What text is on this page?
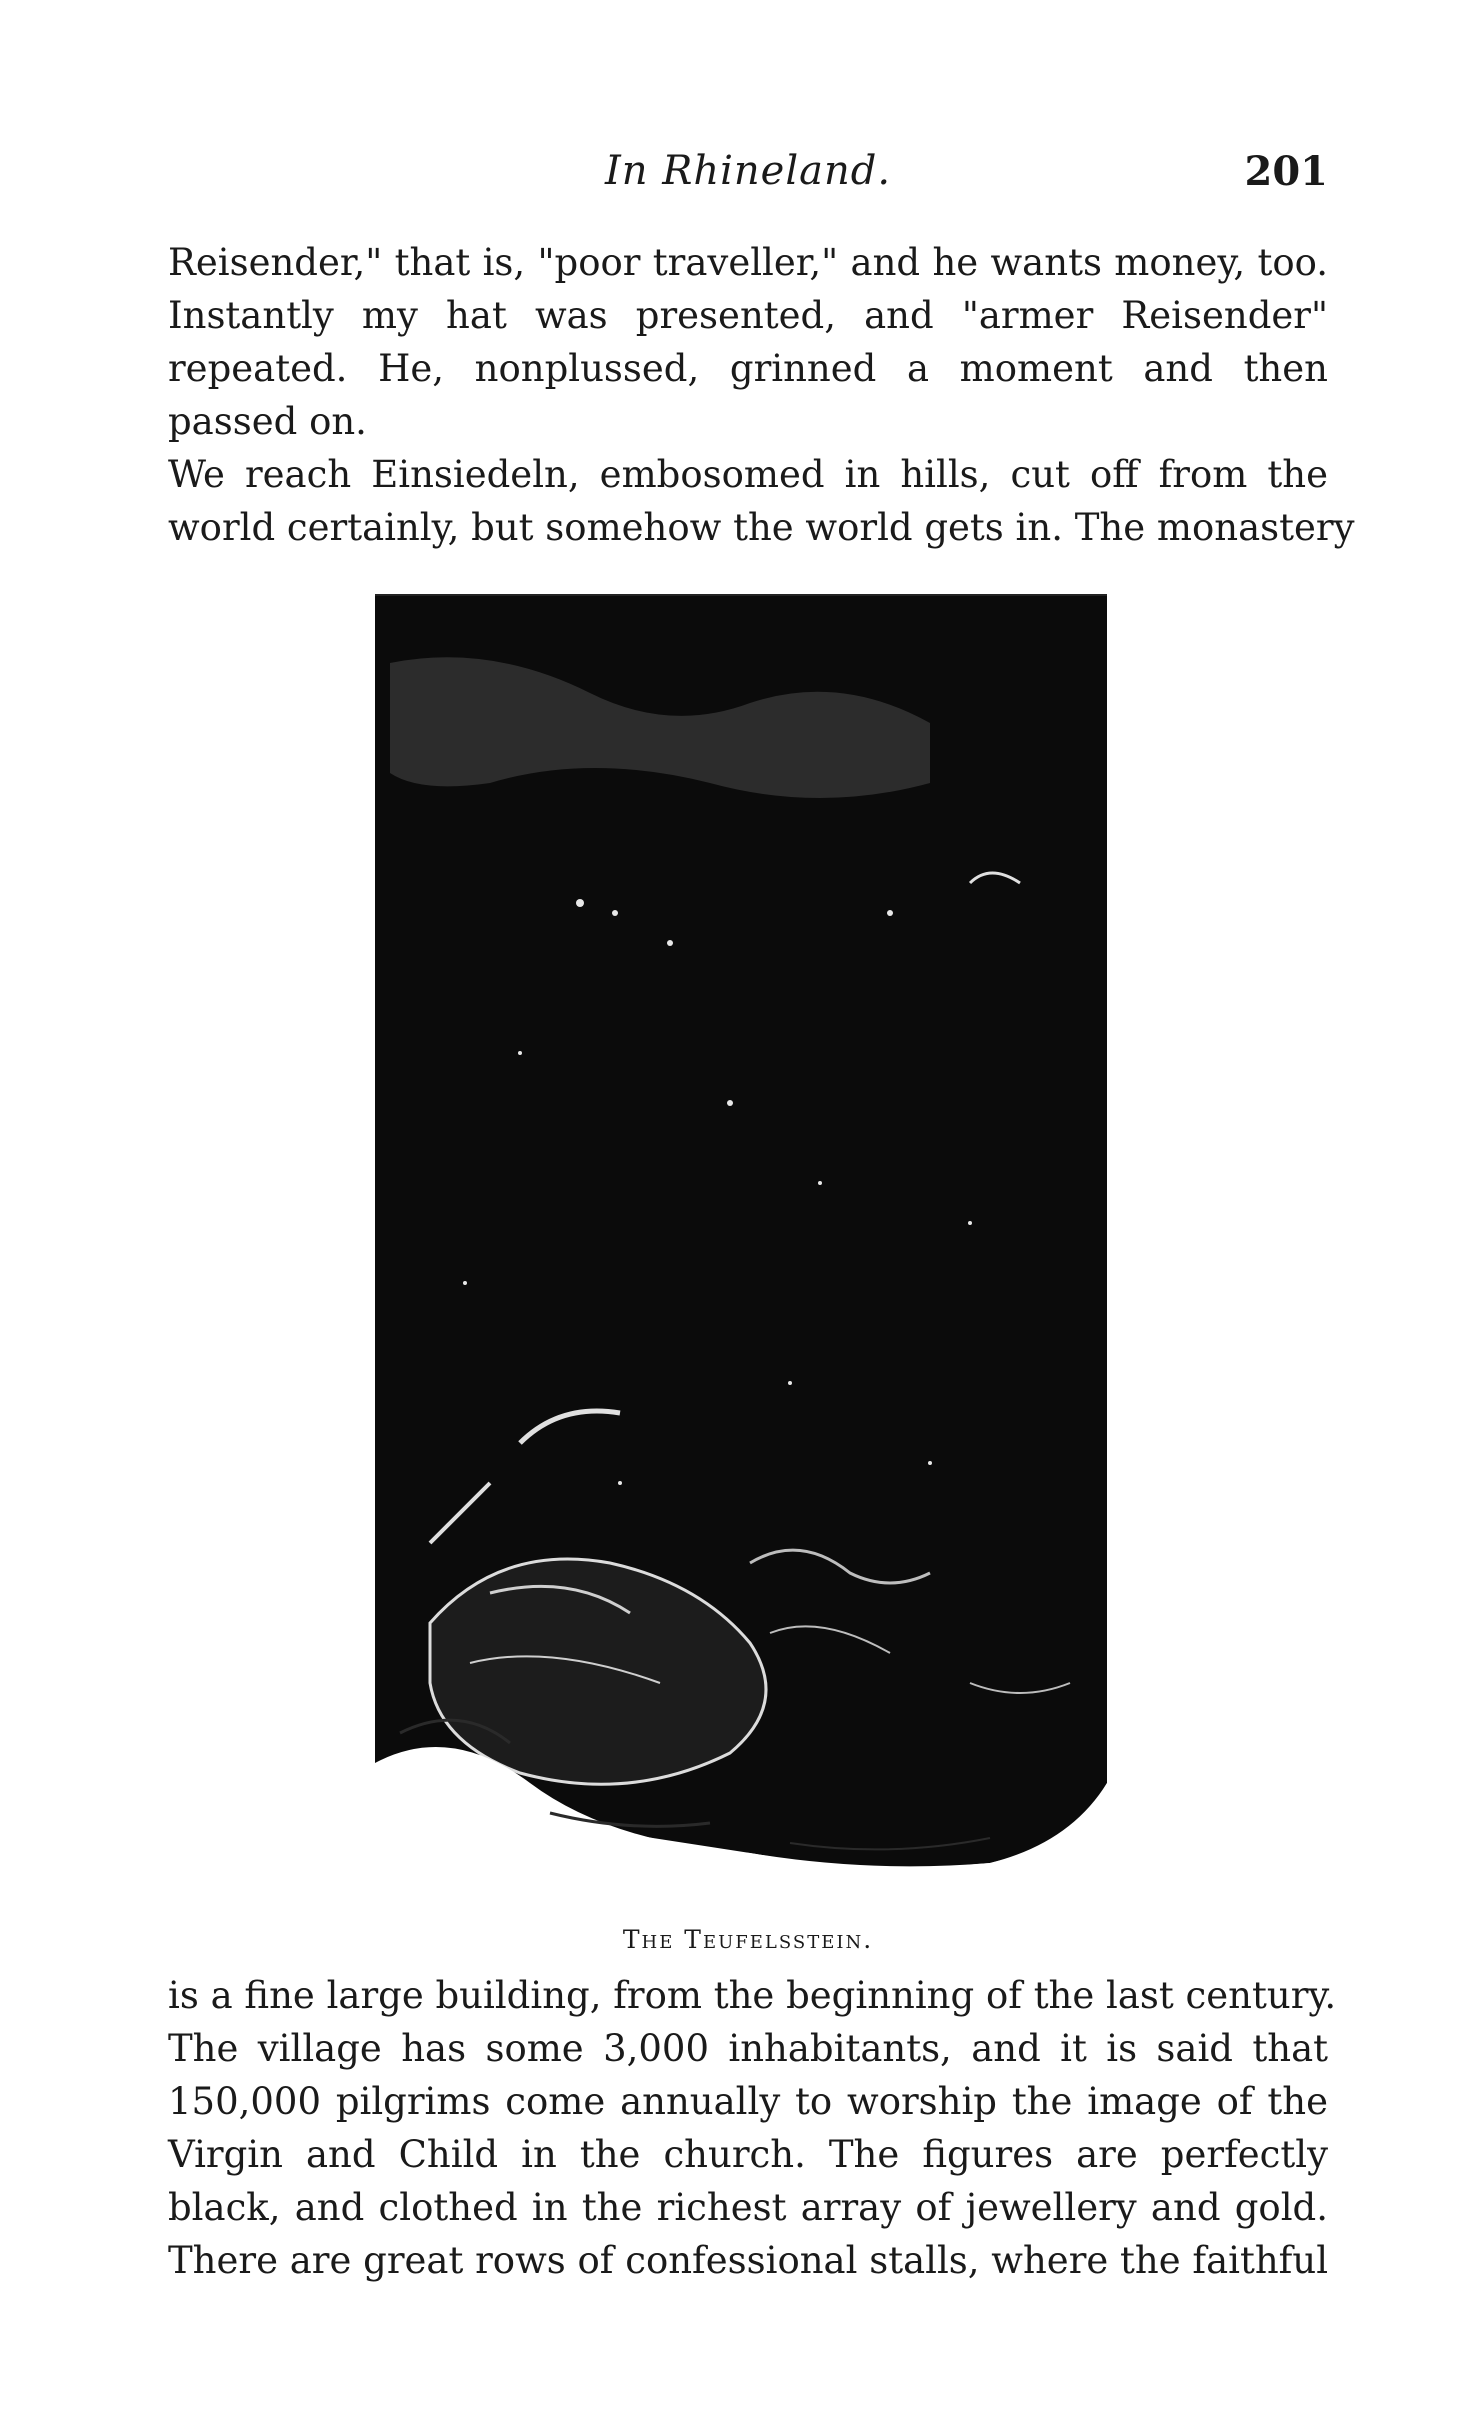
In Rhineland.	201
Reisender," that is, "poor traveller," and he wants money, too.
Instantly my hat was presented, and "armer Reisender"
repeated. He, nonplussed, grinned a moment and then
passed on.
We reach Einsiedeln, embosomed in hills, cut off from the
world certainly, but somehow the world gets in. The monastery
The Teufelsstein.
is a fine large building, from the beginning of the last century.
The village has some 3,000 inhabitants, and it is said that
150,000 pilgrims come annually to worship the image of the
Virgin and Child in the church. The figures are perfectly
black, and clothed in the richest array of jewellery and gold.
There are great rows of confessional stalls, where the faithful
